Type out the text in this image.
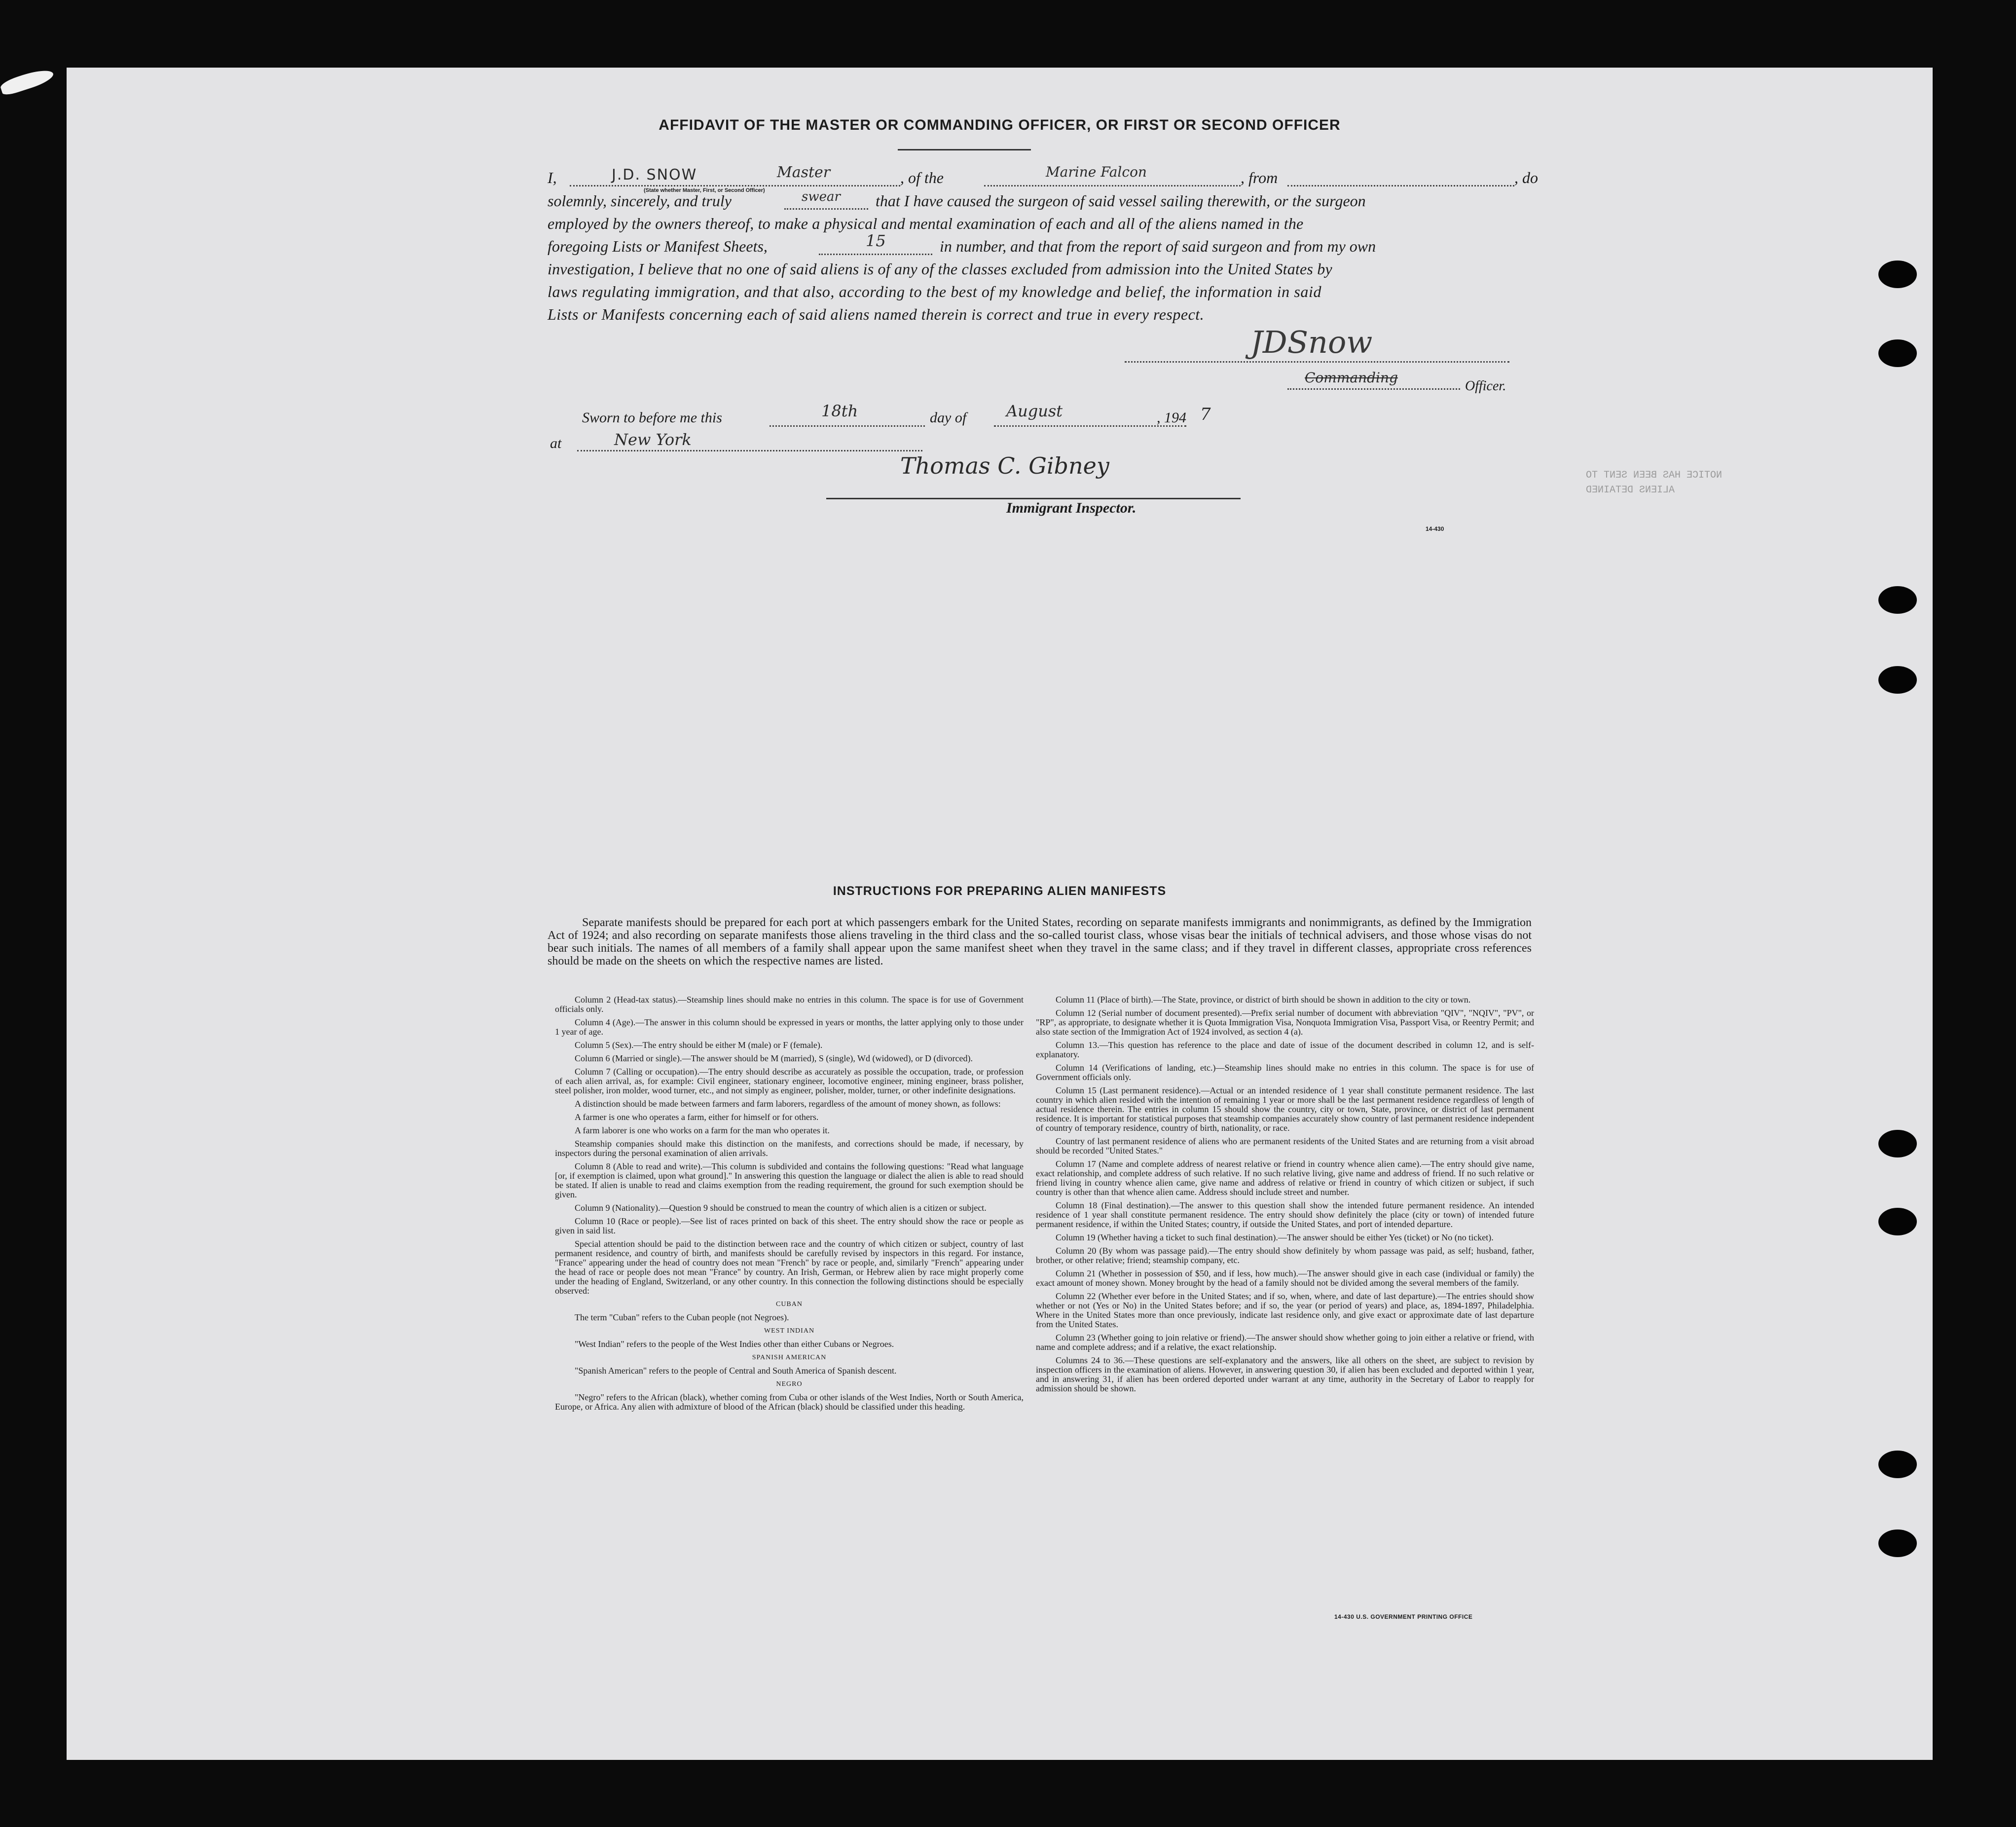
AFFIDAVIT OF THE MASTER OR COMMANDING OFFICER, OR FIRST OR SECOND OFFICER
I,	J.D. SNOW	Master
(State whether Master, First, or Second Officer)
, of the	Marine Falcon	, from	, do
solemnly, sincerely, and truly	swear that I have caused the surgeon of said vessel sailing therewith, or the surgeon
employed by the owners thereof, to make a physical and mental examination of each and all of the aliens named in the
foregoing Lists or Manifest Sheets,	15	in number, and that from the report of said surgeon and from my own
investigation, I believe that no one of said aliens is of any of the classes excluded from admission into the United States by
laws regulating immigration, and that also, according to the best of my knowledge and belief, the information in said
Lists or Manifests concerning each of said aliens named therein is correct and true in every respect.
JDSnow
Commanding
Officer.
Sworn to before me this	18th	day of	August	, 194 7
at	New York
Thomas C. Gibney
Immigrant Inspector.
14-430
NOTICE HAS BEEN SENT TO
ALIENS DETAINED
INSTRUCTIONS FOR PREPARING ALIEN MANIFESTS
Separate manifests should be prepared for each port at which passengers embark for the United States, recording on separate manifests immigrants and nonimmigrants, as defined by the Immigration Act of 1924; and also recording on separate manifests those aliens traveling in the third class and the so-called tourist class, whose visas bear the initials of technical advisers, and those whose visas do not bear such initials. The names of all members of a family shall appear upon the same manifest sheet when they travel in the same class; and if they travel in different classes, appropriate cross references should be made on the sheets on which the respective names are listed.

Column 2 (Head-tax status).—Steamship lines should make no entries in this column. The space is for use of Government officials only.

Column 4 (Age).—The answer in this column should be expressed in years or months, the latter applying only to those under 1 year of age.

Column 5 (Sex).—The entry should be either M (male) or F (female).

Column 6 (Married or single).—The answer should be M (married), S (single), Wd (widowed), or D (divorced).

Column 7 (Calling or occupation).—The entry should describe as accurately as possible the occupation, trade, or profession of each alien arrival, as, for example: Civil engineer, stationary engineer, locomotive engineer, mining engineer, brass polisher, steel polisher, iron molder, wood turner, etc., and not simply as engineer, polisher, molder, turner, or other indefinite designations.

A distinction should be made between farmers and farm laborers, regardless of the amount of money shown, as follows:

A farmer is one who operates a farm, either for himself or for others.

A farm laborer is one who works on a farm for the man who operates it.

Steamship companies should make this distinction on the manifests, and corrections should be made, if necessary, by inspectors during the personal examination of alien arrivals.

Column 8 (Able to read and write).—This column is subdivided and contains the following questions: "Read what language [or, if exemption is claimed, upon what ground]." In answering this question the language or dialect the alien is able to read should be stated. If alien is unable to read and claims exemption from the reading requirement, the ground for such exemption should be given.

Column 9 (Nationality).—Question 9 should be construed to mean the country of which alien is a citizen or subject.

Column 10 (Race or people).—See list of races printed on back of this sheet. The entry should show the race or people as given in said list.

Special attention should be paid to the distinction between race and the country of which citizen or subject, country of last permanent residence, and country of birth, and manifests should be carefully revised by inspectors in this regard. For instance, "France" appearing under the head of country does not mean "French" by race or people, and, similarly "French" appearing under the head of race or people does not mean "France" by country. An Irish, German, or Hebrew alien by race might properly come under the heading of England, Switzerland, or any other country. In this connection the following distinctions should be especially observed:

CUBAN

The term "Cuban" refers to the Cuban people (not Negroes).

WEST INDIAN

"West Indian" refers to the people of the West Indies other than either Cubans or Negroes.

SPANISH AMERICAN

"Spanish American" refers to the people of Central and South America of Spanish descent.

NEGRO

"Negro" refers to the African (black), whether coming from Cuba or other islands of the West Indies, North or South America, Europe, or Africa. Any alien with admixture of blood of the African (black) should be classified under this heading.

Column 11 (Place of birth).—The State, province, or district of birth should be shown in addition to the city or town.

Column 12 (Serial number of document presented).—Prefix serial number of document with abbreviation "QIV", "NQIV", "PV", or "RP", as appropriate, to designate whether it is Quota Immigration Visa, Nonquota Immigration Visa, Passport Visa, or Reentry Permit; and also state section of the Immigration Act of 1924 involved, as section 4 (a).

Column 13.—This question has reference to the place and date of issue of the document described in column 12, and is self-explanatory.

Column 14 (Verifications of landing, etc.)—Steamship lines should make no entries in this column. The space is for use of Government officials only.

Column 15 (Last permanent residence).—Actual or an intended residence of 1 year shall constitute permanent residence. The last country in which alien resided with the intention of remaining 1 year or more shall be the last permanent residence regardless of length of actual residence therein. The entries in column 15 should show the country, city or town, State, province, or district of last permanent residence. It is important for statistical purposes that steamship companies accurately show country of last permanent residence independent of country of temporary residence, country of birth, nationality, or race.

Country of last permanent residence of aliens who are permanent residents of the United States and are returning from a visit abroad should be recorded "United States."

Column 17 (Name and complete address of nearest relative or friend in country whence alien came).—The entry should give name, exact relationship, and complete address of such relative. If no such relative living, give name and address of friend. If no such relative or friend living in country whence alien came, give name and address of relative or friend in country of which citizen or subject, if such country is other than that whence alien came. Address should include street and number.

Column 18 (Final destination).—The answer to this question shall show the intended future permanent residence. An intended residence of 1 year shall constitute permanent residence. The entry should show definitely the place (city or town) of intended future permanent residence, if within the United States; country, if outside the United States, and port of intended departure.

Column 19 (Whether having a ticket to such final destination).—The answer should be either Yes (ticket) or No (no ticket).

Column 20 (By whom was passage paid).—The entry should show definitely by whom passage was paid, as self; husband, father, brother, or other relative; friend; steamship company, etc.

Column 21 (Whether in possession of $50, and if less, how much).—The answer should give in each case (individual or family) the exact amount of money shown. Money brought by the head of a family should not be divided among the several members of the family.

Column 22 (Whether ever before in the United States; and if so, when, where, and date of last departure).—The entries should show whether or not (Yes or No) in the United States before; and if so, the year (or period of years) and place, as, 1894-1897, Philadelphia. Where in the United States more than once previously, indicate last residence only, and give exact or approximate date of last departure from the United States.

Column 23 (Whether going to join relative or friend).—The answer should show whether going to join either a relative or friend, with name and complete address; and if a relative, the exact relationship.

Columns 24 to 36.—These questions are self-explanatory and the answers, like all others on the sheet, are subject to revision by inspection officers in the examination of aliens. However, in answering question 30, if alien has been excluded and deported within 1 year, and in answering 31, if alien has been ordered deported under warrant at any time, authority in the Secretary of Labor to reapply for admission should be shown.

14-430 U.S. GOVERNMENT PRINTING OFFICE
